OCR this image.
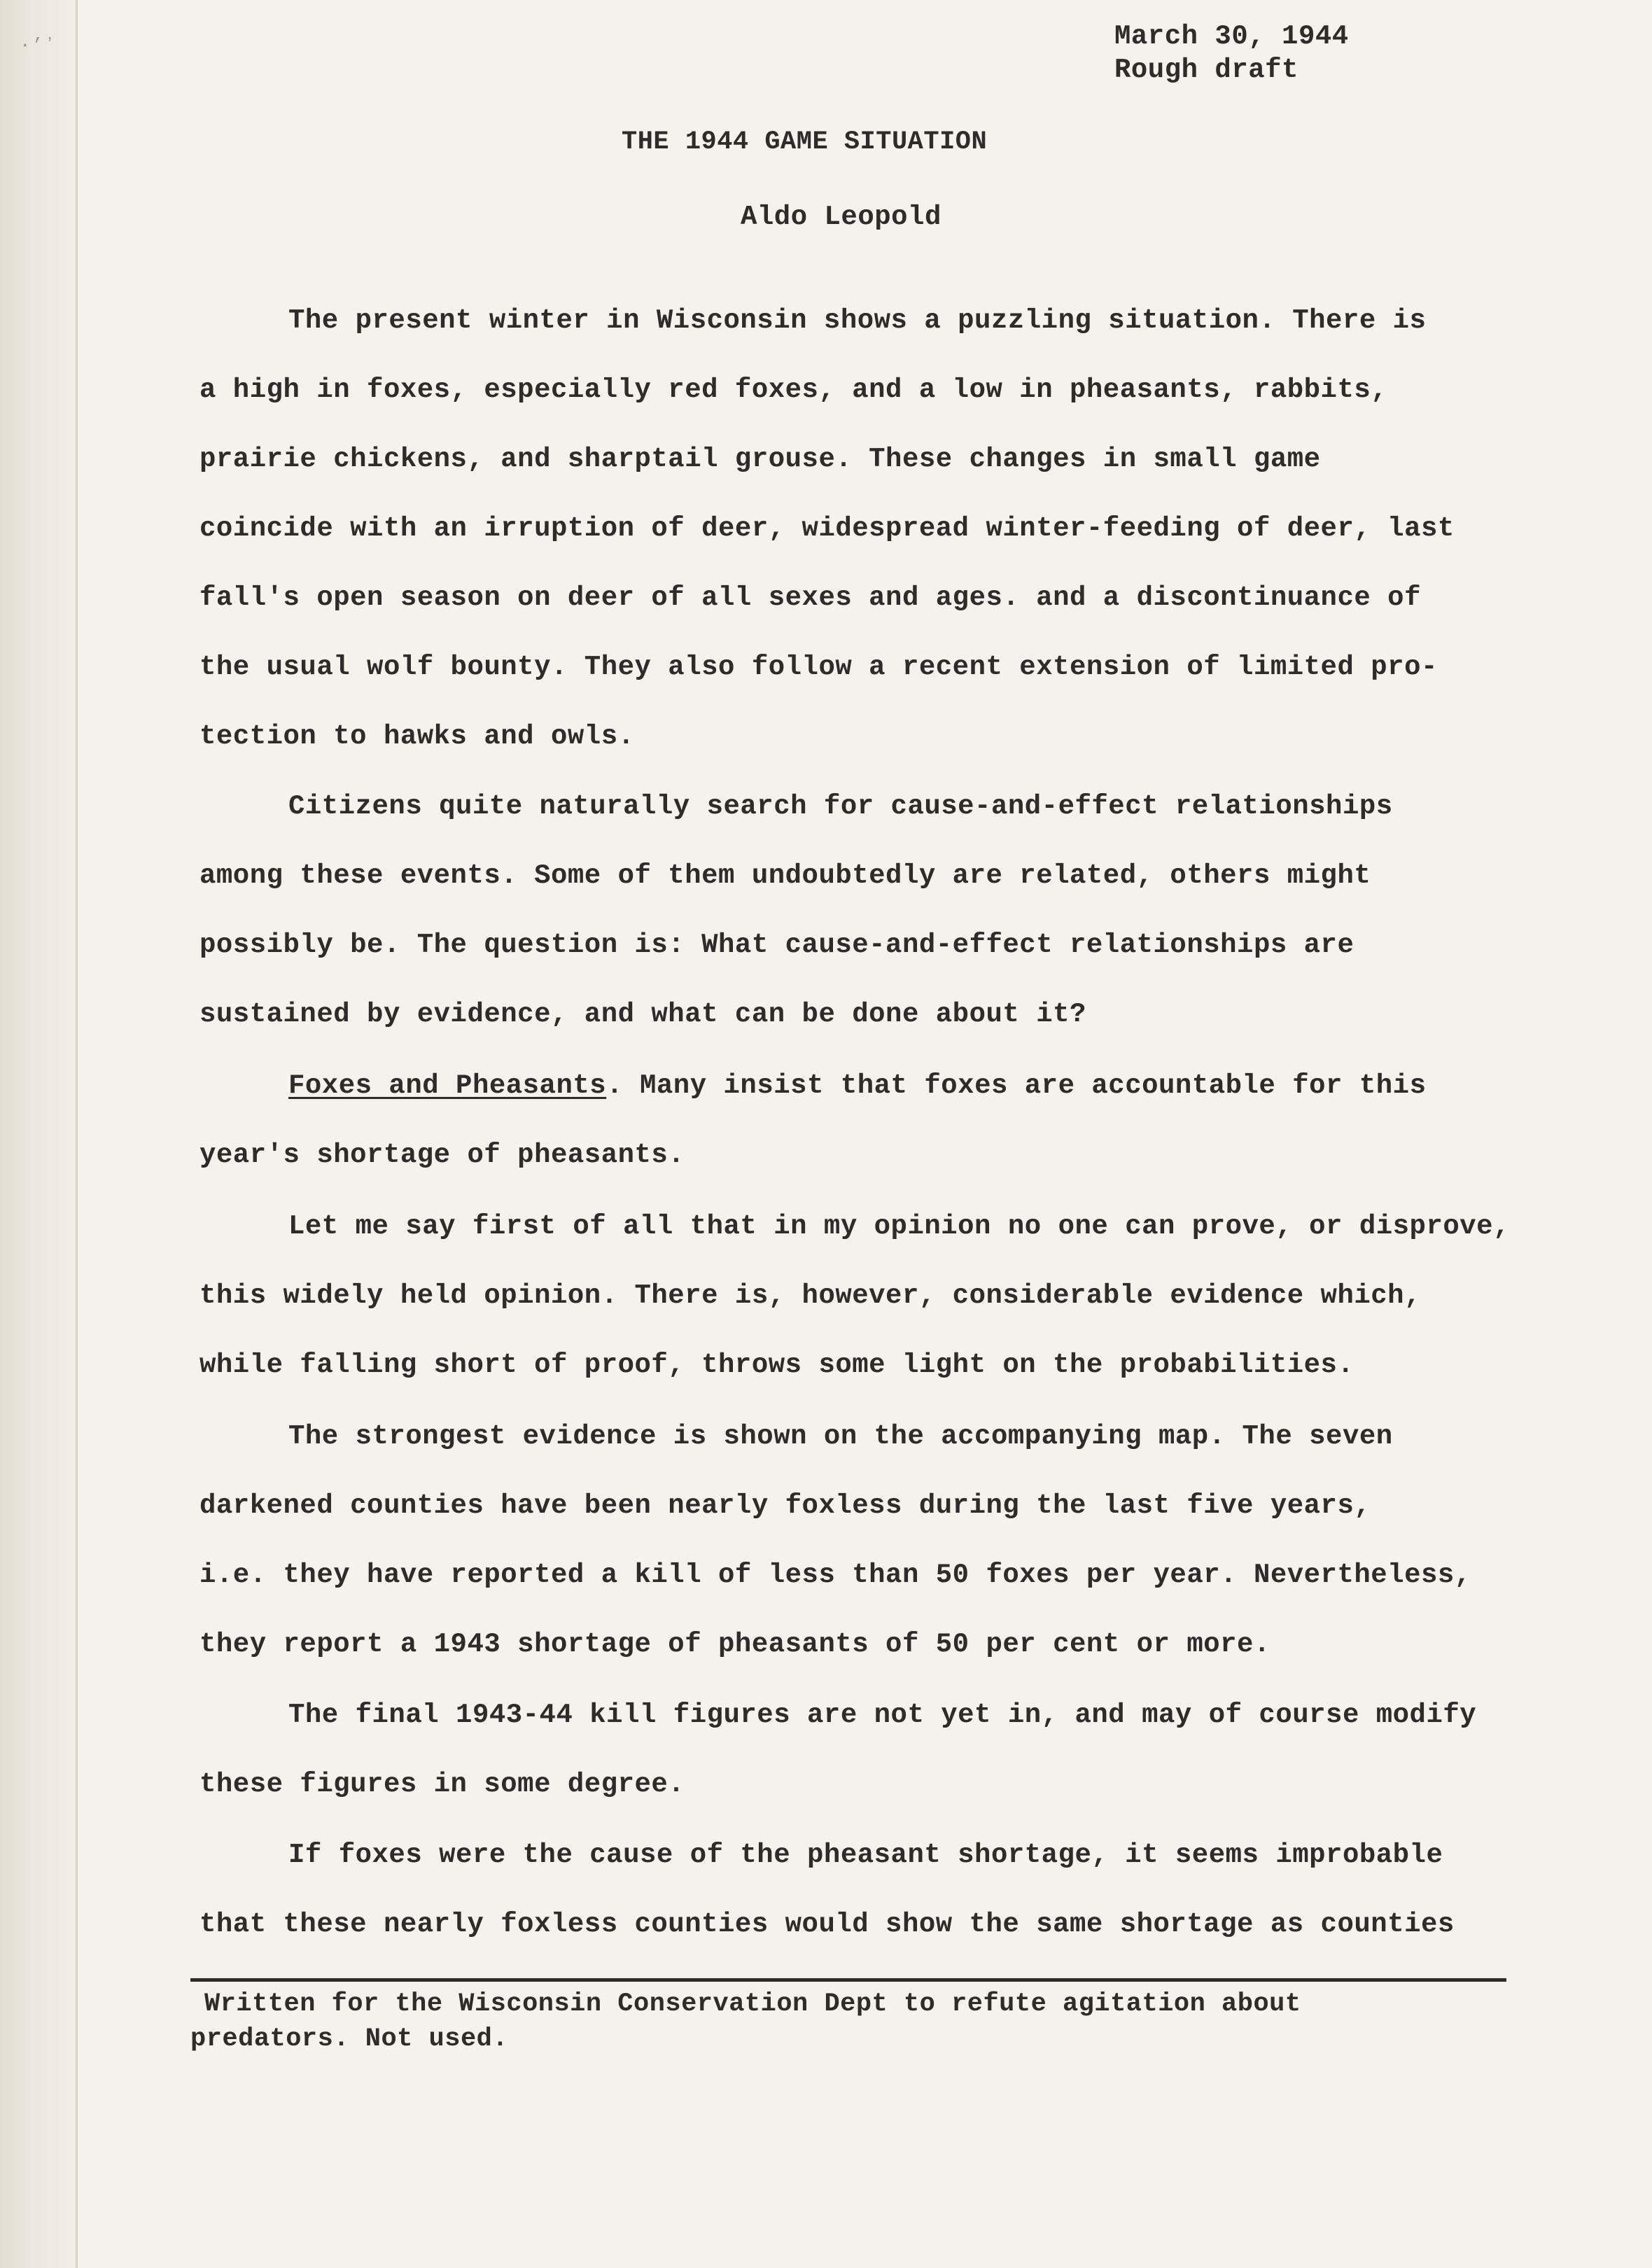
·’ʼ	March 30, 1944
Rough draft
THE 1944 GAME SITUATION
Aldo Leopold
The present winter in Wisconsin shows a puzzling situation. There is
a high in foxes, especially red foxes, and a low in pheasants, rabbits,
prairie chickens, and sharptail grouse. These changes in small game
coincide with an irruption of deer, widespread winter-feeding of deer, last
fall's open season on deer of all sexes and ages. and a discontinuance of
the usual wolf bounty. They also follow a recent extension of limited pro-
tection to hawks and owls.
Citizens quite naturally search for cause-and-effect relationships
among these events. Some of them undoubtedly are related, others might
possibly be. The question is: What cause-and-effect relationships are
sustained by evidence, and what can be done about it?
Foxes and Pheasants. Many insist that foxes are accountable for this
year's shortage of pheasants.
Let me say first of all that in my opinion no one can prove, or disprove,
this widely held opinion. There is, however, considerable evidence which,
while falling short of proof, throws some light on the probabilities.
The strongest evidence is shown on the accompanying map. The seven
darkened counties have been nearly foxless during the last five years,
i.e. they have reported a kill of less than 50 foxes per year. Nevertheless,
they report a 1943 shortage of pheasants of 50 per cent or more.
The final 1943-44 kill figures are not yet in, and may of course modify
these figures in some degree.
If foxes were the cause of the pheasant shortage, it seems improbable
that these nearly foxless counties would show the same shortage as counties
Written for the Wisconsin Conservation Dept to refute agitation about
predators. Not used.
